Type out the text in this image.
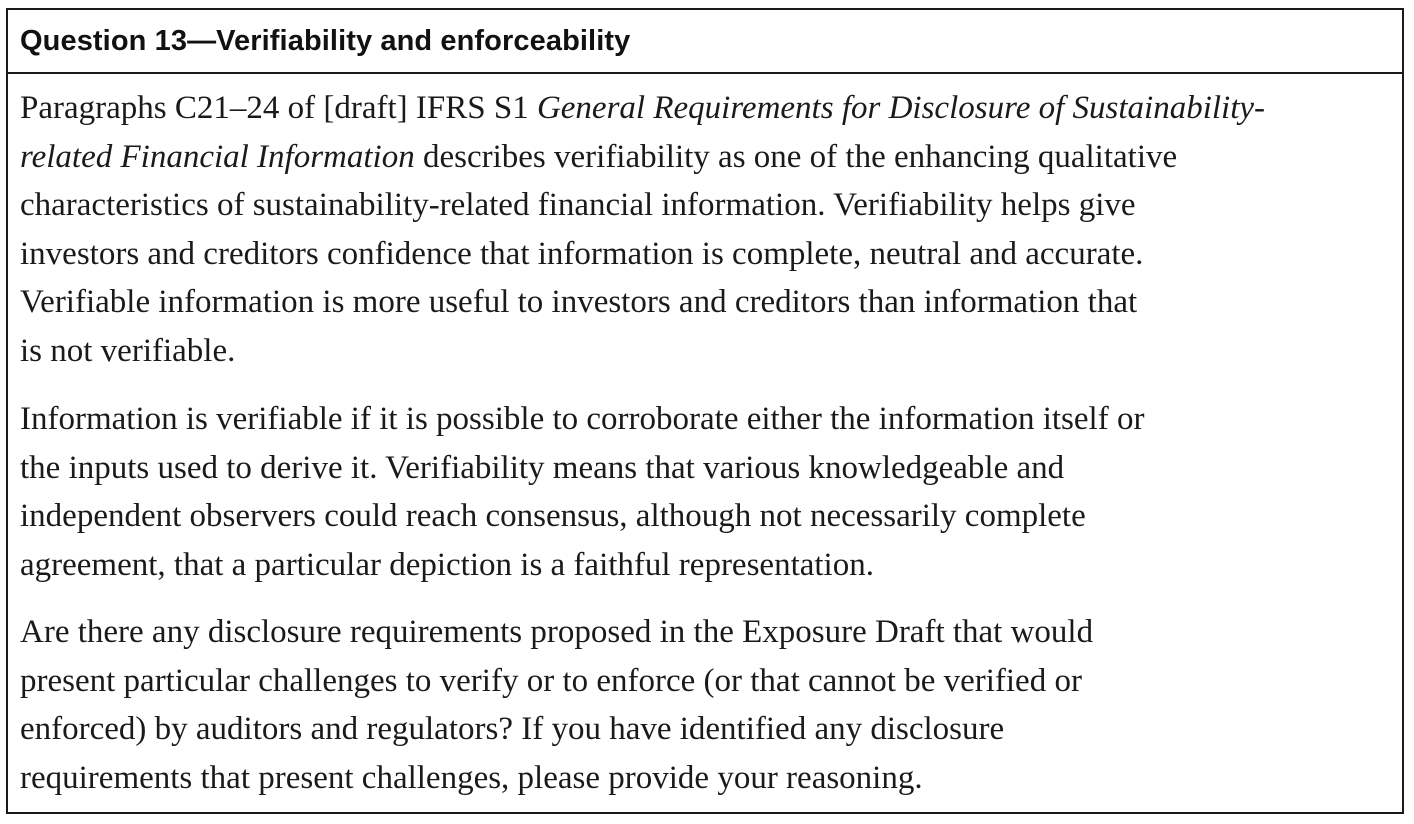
Question 13—Verifiability and enforceability

Paragraphs C21–24 of [draft] IFRS S1 General Requirements for Disclosure of Sustainability-
related Financial Information describes verifiability as one of the enhancing qualitative
characteristics of sustainability-related financial information. Verifiability helps give
investors and creditors confidence that information is complete, neutral and accurate.
Verifiable information is more useful to investors and creditors than information that
is not verifiable.

Information is verifiable if it is possible to corroborate either the information itself or
the inputs used to derive it. Verifiability means that various knowledgeable and
independent observers could reach consensus, although not necessarily complete
agreement, that a particular depiction is a faithful representation.

Are there any disclosure requirements proposed in the Exposure Draft that would
present particular challenges to verify or to enforce (or that cannot be verified or
enforced) by auditors and regulators? If you have identified any disclosure
requirements that present challenges, please provide your reasoning.
